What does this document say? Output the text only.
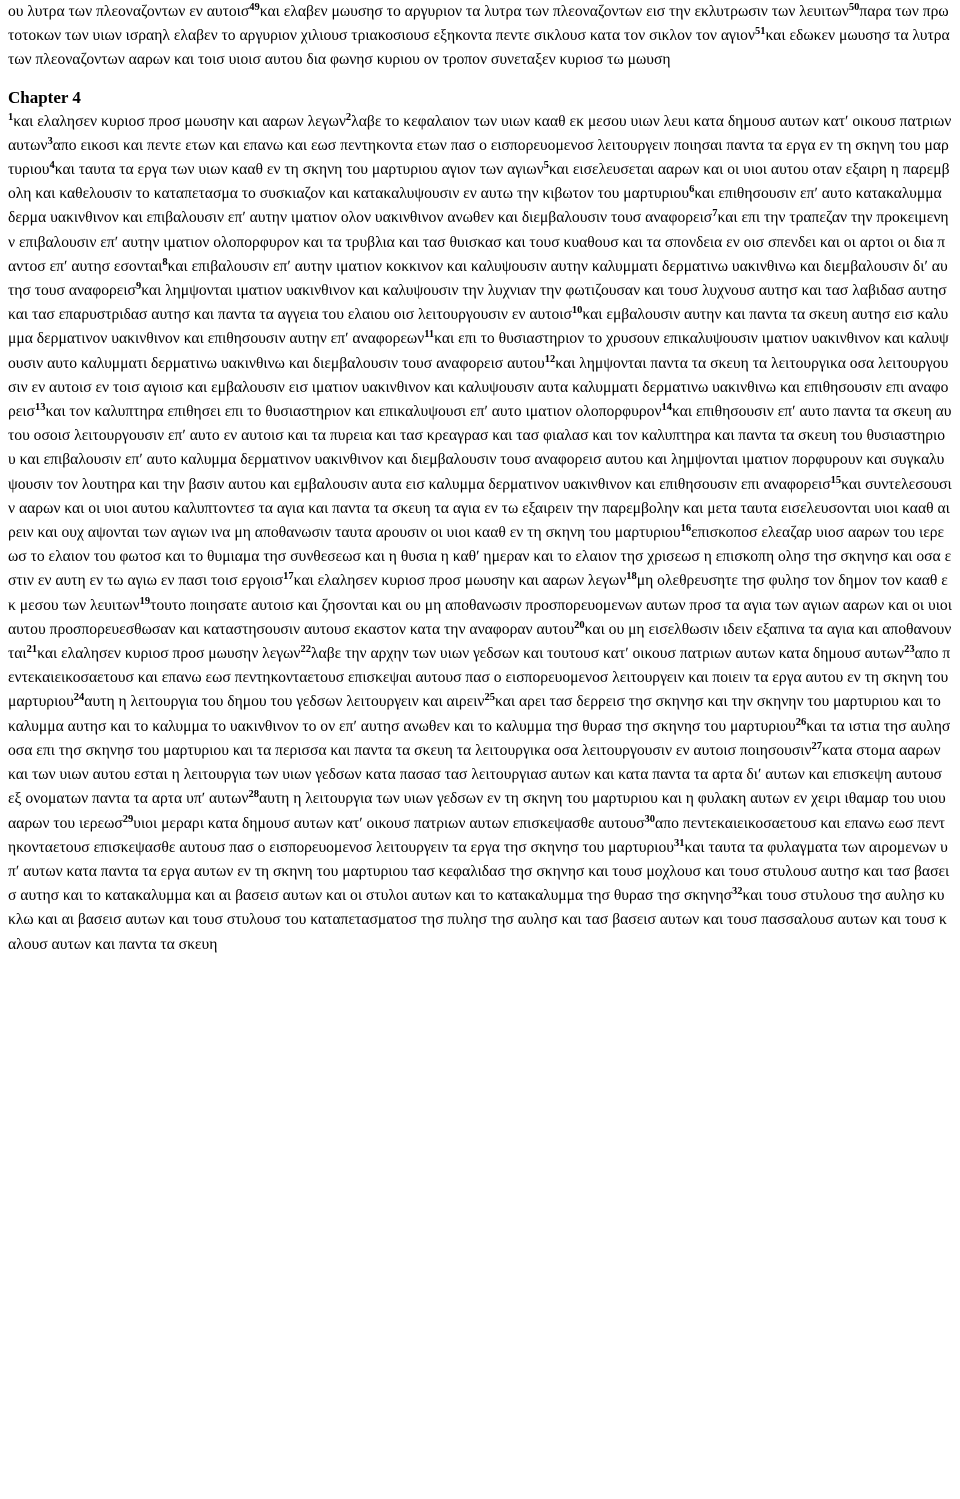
ου λυτρα των πλεοναζοντων εν αυτοισ$^{49}$και ελαβεν μωυσησ το αργυριον τα λυτρα των πλεοναζοντων εισ την εκλυτρωσιν των λευιτων$^{50}$παρα των πρωτοτοκων των υιων ισραηλ ελαβεν το αργυριον χιλιουσ τριακοσιουσ εξηκοντα πεντε σικλουσ κατα τον σικλον τον αγιον$^{51}$και εδωκεν μωυσησ τα λυτρα των πλεοναζοντων ααρων και τοισ υιοισ αυτου δια φωνησ κυριου ον τροπον συνεταξεν κυριοσ τω μωυση

Chapter 4

$^1$και ελαλησεν κυριοσ προσ μωυσην και ααρων λεγων$^2$λαβε το κεφαλαιον των υιων κααθ εκ μεσου υιων λευι κατα δημουσ αυτων κατʹ οικουσ πατριων αυτων$^3$απο εικοσι και πεντε ετων και επανω και εωσ πεντηκοντα ετων πασ ο εισπορευομενοσ λειτουργειν ποιησαι παντα τα εργα εν τη σκηνη του μαρτυριου$^4$και ταυτα τα εργα των υιων κααθ εν τη σκηνη του μαρτυριου αγιον των αγιων$^5$και εισελευσεται ααρων και οι υιοι αυτου οταν εξαιρη η παρεμβολη και καθελουσιν το καταπετασμα το συσκιαζον και κατακαλυψουσιν εν αυτω την κιβωτον του μαρτυριου$^6$και επιθησουσιν επʹ αυτο κατακαλυμμα δερμα υακινθινον και επιβαλουσιν επʹ αυτην ιματιον ολον υακινθινον ανωθεν και διεμβαλουσιν τουσ αναφορεισ$^7$και επι την τραπεζαν την προκειμενην επιβαλουσιν επʹ αυτην ιματιον ολοπορφυρον και τα τρυβλια και τασ θυισκασ και τουσ κυαθουσ και τα σπονδεια εν οισ σπενδει και οι αρτοι οι δια παντοσ επʹ αυτησ εσονται$^8$και επιβαλουσιν επʹ αυτην ιματιον κοκκινον και καλυψουσιν αυτην καλυμματι δερματινω υακινθινω και διεμβαλουσιν διʹ αυτησ τουσ αναφορεισ$^9$και λημψονται ιματιον υακινθινον και καλυψουσιν την λυχνιαν την φωτιζουσαν και τουσ λυχνουσ αυτησ και τασ λαβιδασ αυτησ και τασ επαρυστριδασ αυτησ και παντα τα αγγεια του ελαιου οισ λειτουργουσιν εν αυτοισ$^{10}$και εμβαλουσιν αυτην και παντα τα σκευη αυτησ εισ καλυμμα δερματινον υακινθινον και επιθησουσιν αυτην επʹ αναφορεων$^{11}$και επι το θυσιαστηριον το χρυσουν επικαλυψουσιν ιματιον υακινθινον και καλυψουσιν αυτο καλυμματι δερματινω υακινθινω και διεμβαλουσιν τουσ αναφορεισ αυτου$^{12}$και λημψονται παντα τα σκευη τα λειτουργικα οσα λειτουργουσιν εν αυτοισ εν τοισ αγιοισ και εμβαλουσιν εισ ιματιον υακινθινον και καλυψουσιν αυτα καλυμματι δερματινω υακινθινω και επιθησουσιν επι αναφορεισ$^{13}$και τον καλυπτηρα επιθησει επι το θυσιαστηριον και επικαλυψουσι επʹ αυτο ιματιον ολοπορφυρον$^{14}$και επιθησουσιν επʹ αυτο παντα τα σκευη αυτου οσοισ λειτουργουσιν επʹ αυτο εν αυτοισ και τα πυρεια και τασ κρεαγρασ και τασ φιαλασ και τον καλυπτηρα και παντα τα σκευη του θυσιαστηριου και επιβαλουσιν επʹ αυτο καλυμμα δερματινον υακινθινον και διεμβαλουσιν τουσ αναφορεισ αυτου και λημψονται ιματιον πορφυρουν και συγκαλυψουσιν τον λουτηρα και την βασιν αυτου και εμβαλουσιν αυτα εισ καλυμμα δερματινον υακινθινον και επιθησουσιν επι αναφορεισ$^{15}$και συντελεσουσιν ααρων και οι υιοι αυτου καλυπτοντεσ τα αγια και παντα τα σκευη τα αγια εν τω εξαιρειν την παρεμβολην και μετα ταυτα εισελευσονται υιοι κααθ αιρειν και ουχ αψονται των αγιων ινα μη αποθανωσιν ταυτα αρουσιν οι υιοι κααθ εν τη σκηνη του μαρτυριου$^{16}$επισκοποσ ελεαζαρ υιοσ ααρων του ιερεωσ το ελαιον του φωτοσ και το θυμιαμα τησ συνθεσεωσ και η θυσια η καθʹ ημεραν και το ελαιον τησ χρισεωσ η επισκοπη ολησ τησ σκηνησ και οσα εστιν εν αυτη εν τω αγιω εν πασι τοισ εργοισ$^{17}$και ελαλησεν κυριοσ προσ μωυσην και ααρων λεγων$^{18}$μη ολεθρευσητε τησ φυλησ τον δημον τον κααθ εκ μεσου των λευιτων$^{19}$τουτο ποιησατε αυτοισ και ζησονται και ου μη αποθανωσιν προσπορευομενων αυτων προσ τα αγια των αγιων ααρων και οι υιοι αυτου προσπορευεσθωσαν και καταστησουσιν αυτουσ εκαστον κατα την αναφοραν αυτου$^{20}$και ου μη εισελθωσιν ιδειν εξαπινα τα αγια και αποθανουνται$^{21}$και ελαλησεν κυριοσ προσ μωυσην λεγων$^{22}$λαβε την αρχην των υιων γεδσων και τουτουσ κατʹ οικουσ πατριων αυτων κατα δημουσ αυτων$^{23}$απο πεντεκαιεικοσαετουσ και επανω εωσ πεντηκονταετουσ επισκεψαι αυτουσ πασ ο εισπορευομενοσ λειτουργειν και ποιειν τα εργα αυτου εν τη σκηνη του μαρτυριου$^{24}$αυτη η λειτουργια του δημου του γεδσων λειτουργειν και αιρειν$^{25}$και αρει τασ δερρεισ τησ σκηνησ και την σκηνην του μαρτυριου και το καλυμμα αυτησ και το καλυμμα το υακινθινον το ον επʹ αυτησ ανωθεν και το καλυμμα τησ θυρασ τησ σκηνησ του μαρτυριου$^{26}$και τα ιστια τησ αυλησ οσα επι τησ σκηνησ του μαρτυριου και τα περισσα και παντα τα σκευη τα λειτουργικα οσα λειτουργουσιν εν αυτοισ ποιησουσιν$^{27}$κατα στομα ααρων και των υιων αυτου εσται η λειτουργια των υιων γεδσων κατα πασασ τασ λειτουργιασ αυτων και κατα παντα τα αρτα διʹ αυτων και επισκεψη αυτουσ εξ ονοματων παντα τα αρτα υπʹ αυτων$^{28}$αυτη η λειτουργια των υιων γεδσων εν τη σκηνη του μαρτυριου και η φυλακη αυτων εν χειρι ιθαμαρ του υιου ααρων του ιερεωσ$^{29}$υιοι μεραρι κατα δημουσ αυτων κατʹ οικουσ πατριων αυτων επισκεψασθε αυτουσ$^{30}$απο πεντεκαιεικοσαετουσ και επανω εωσ πεντηκονταετουσ επισκεψασθε αυτουσ πασ ο εισπορευομενοσ λειτουργειν τα εργα τησ σκηνησ του μαρτυριου$^{31}$και ταυτα τα φυλαγματα των αιρομενων υπʹ αυτων κατα παντα τα εργα αυτων εν τη σκηνη του μαρτυριου τασ κεφαλιδασ τησ σκηνησ και τουσ μοχλουσ και τουσ στυλουσ αυτησ και τασ βασεισ αυτησ και το κατακαλυμμα και αι βασεισ αυτων και οι στυλοι αυτων και το κατακαλυμμα τησ θυρασ τησ σκηνησ$^{32}$και τουσ στυλουσ τησ αυλησ κυκλω και αι βασεισ αυτων και τουσ στυλουσ του καταπετασματοσ τησ πυλησ τησ αυλησ και τασ βασεισ αυτων και τουσ πασσαλουσ αυτων και τουσ καλουσ αυτων και παντα τα σκευη
